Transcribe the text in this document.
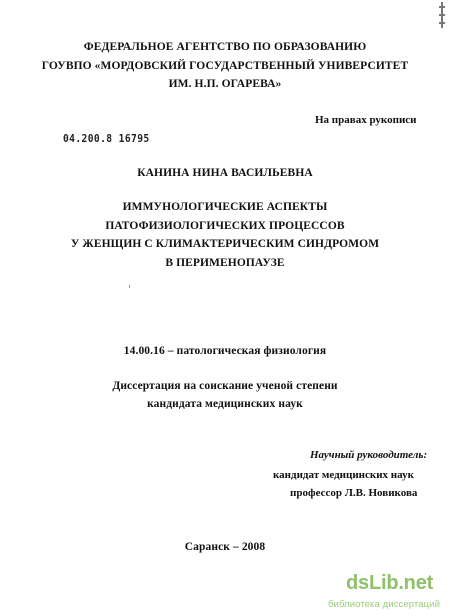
ФЕДЕРАЛЬНОЕ АГЕНТСТВО ПО ОБРАЗОВАНИЮ
ГОУВПО «МОРДОВСКИЙ ГОСУДАРСТВЕННЫЙ УНИВЕРСИТЕТ
ИМ. Н.П. ОГАРЕВА»
На правах рукописи
04.200.8 16795
КАНИНА НИНА ВАСИЛЬЕВНА
ИММУНОЛОГИЧЕСКИЕ АСПЕКТЫ
ПАТОФИЗИОЛОГИЧЕСКИХ ПРОЦЕССОВ
У ЖЕНЩИН С КЛИМАКТЕРИЧЕСКИМ СИНДРОМОМ
В ПЕРИМЕНОПАУЗЕ
14.00.16 – патологическая физиология
Диссертация на соискание ученой степени
кандидата медицинских наук
Научный руководитель:
кандидат медицинских наук
профессор Л.В. Новикова
Саранск – 2008
dsLib.net
библиотека диссертаций
